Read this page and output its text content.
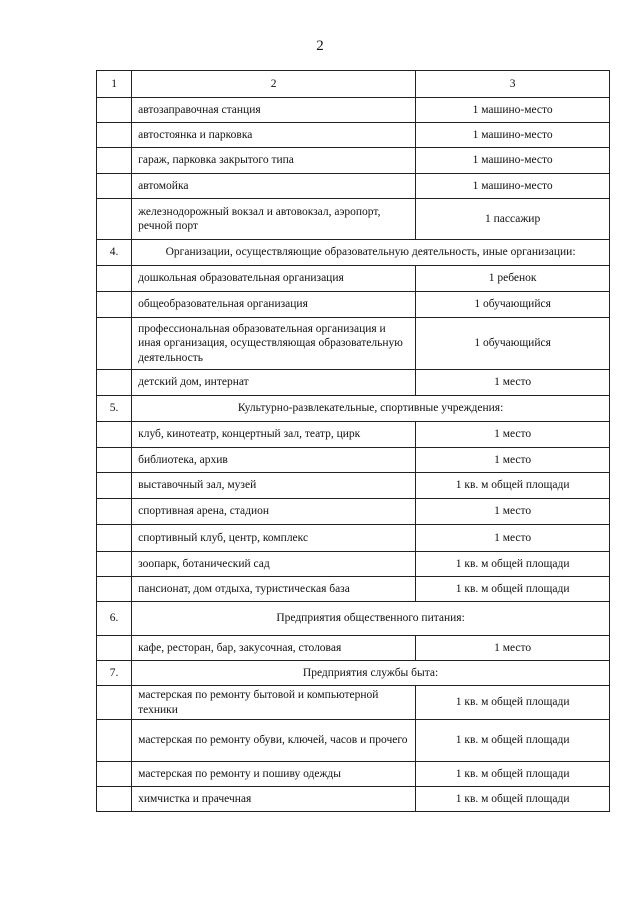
2
1	2	3
	автозаправочная станция	1 машино-место
	автостоянка и парковка	1 машино-место
	гараж, парковка закрытого типа	1 машино-место
	автомойка	1 машино-место
	железнодорожный вокзал и автовокзал, аэропорт, речной порт	1 пассажир
4.	Организации, осуществляющие образовательную деятельность, иные организации:	
	дошкольная образовательная организация	1 ребенок
	общеобразовательная организация	1 обучающийся
	профессиональная образовательная организация и иная организация, осуществляющая образовательную деятельность	1 обучающийся
	детский дом, интернат	1 место
5.	Культурно-развлекательные, спортивные учреждения:	
	клуб, кинотеатр, концертный зал, театр, цирк	1 место
	библиотека, архив	1 место
	выставочный зал, музей	1 кв. м общей площади
	спортивная арена, стадион	1 место
	спортивный клуб, центр, комплекс	1 место
	зоопарк, ботанический сад	1 кв. м общей площади
	пансионат, дом отдыха, туристическая база	1 кв. м общей площади
6.	Предприятия общественного питания:	
	кафе, ресторан, бар, закусочная, столовая	1 место
7.	Предприятия службы быта:	
	мастерская по ремонту бытовой и компьютерной техники	1 кв. м общей площади
	мастерская по ремонту обуви, ключей, часов и прочего	1 кв. м общей площади
	мастерская по ремонту и пошиву одежды	1 кв. м общей площади
	химчистка и прачечная	1 кв. м общей площади
